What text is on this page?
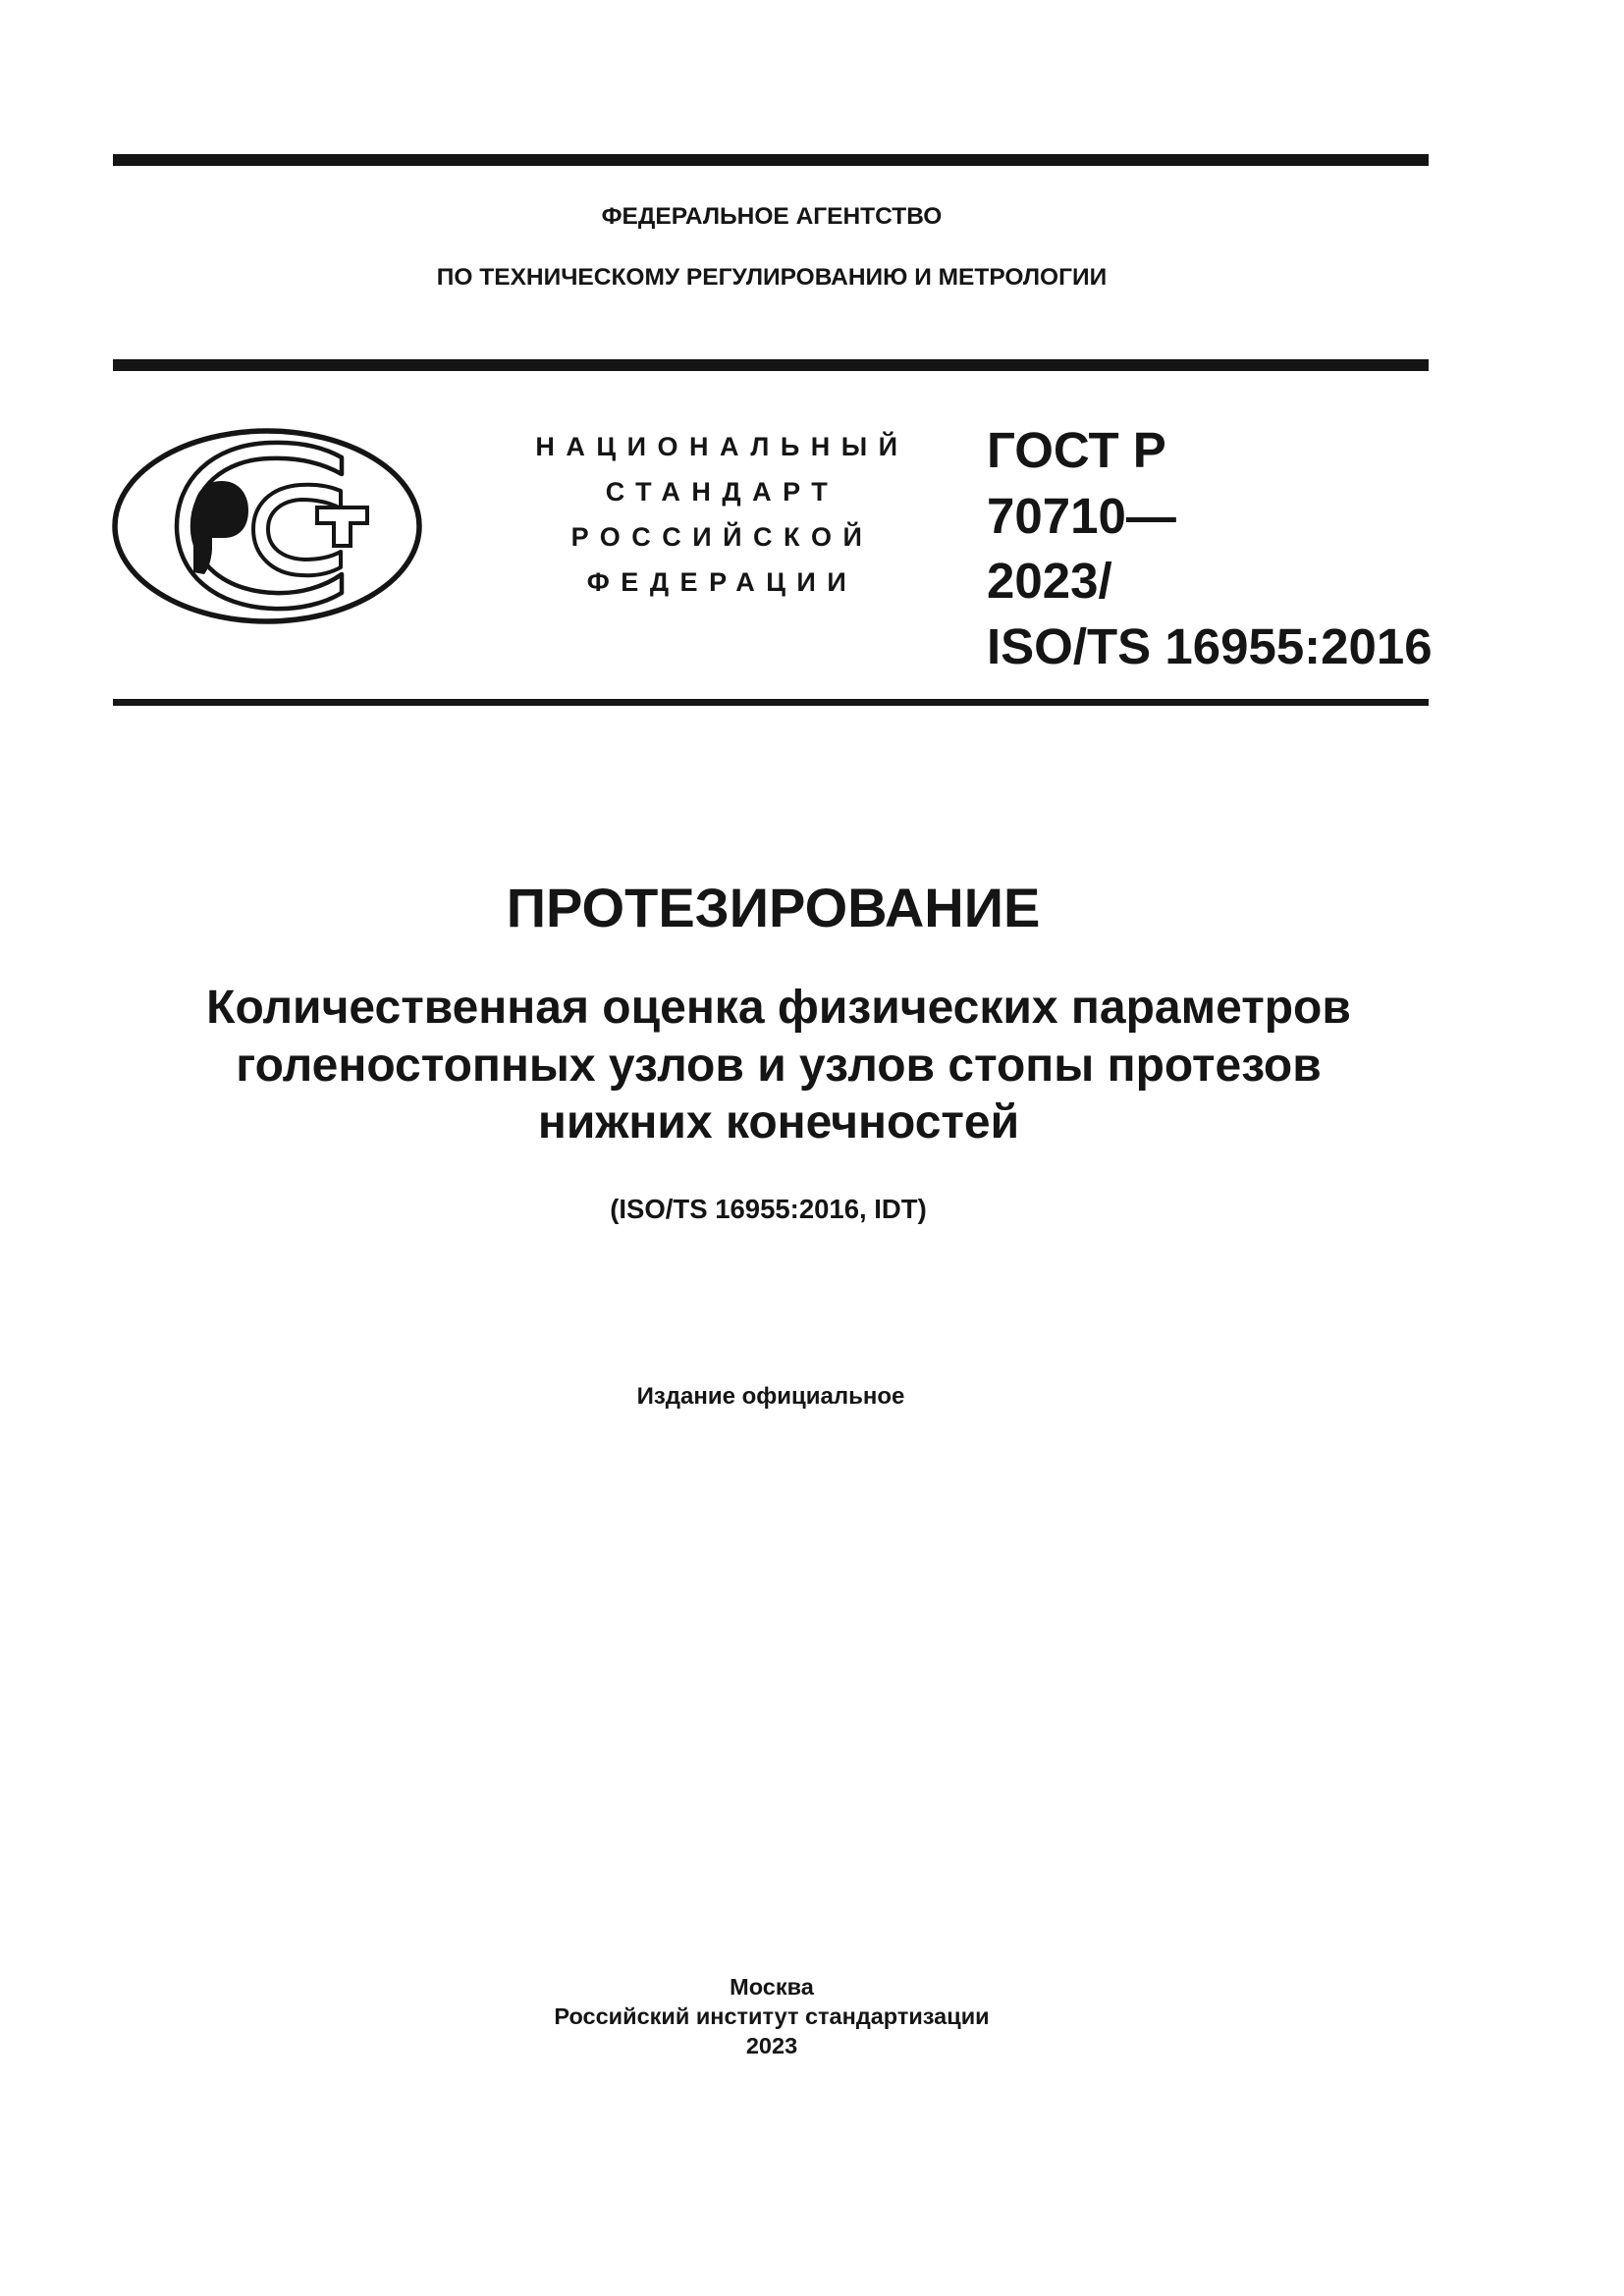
ФЕДЕРАЛЬНОЕ АГЕНТСТВО
ПО ТЕХНИЧЕСКОМУ РЕГУЛИРОВАНИЮ И МЕТРОЛОГИИ
НАЦИОНАЛЬНЫЙ
СТАНДАРТ
РОССИЙСКОЙ
ФЕДЕРАЦИИ
ГОСТ Р
70710—
2023/
ISO/TS 16955:2016
ПРОТЕЗИРОВАНИЕ
Количественная оценка физических параметров
голеностопных узлов и узлов стопы протезов
нижних конечностей
(ISO/TS 16955:2016, IDT)
Издание официальное
Москва
Российский институт стандартизации
2023
